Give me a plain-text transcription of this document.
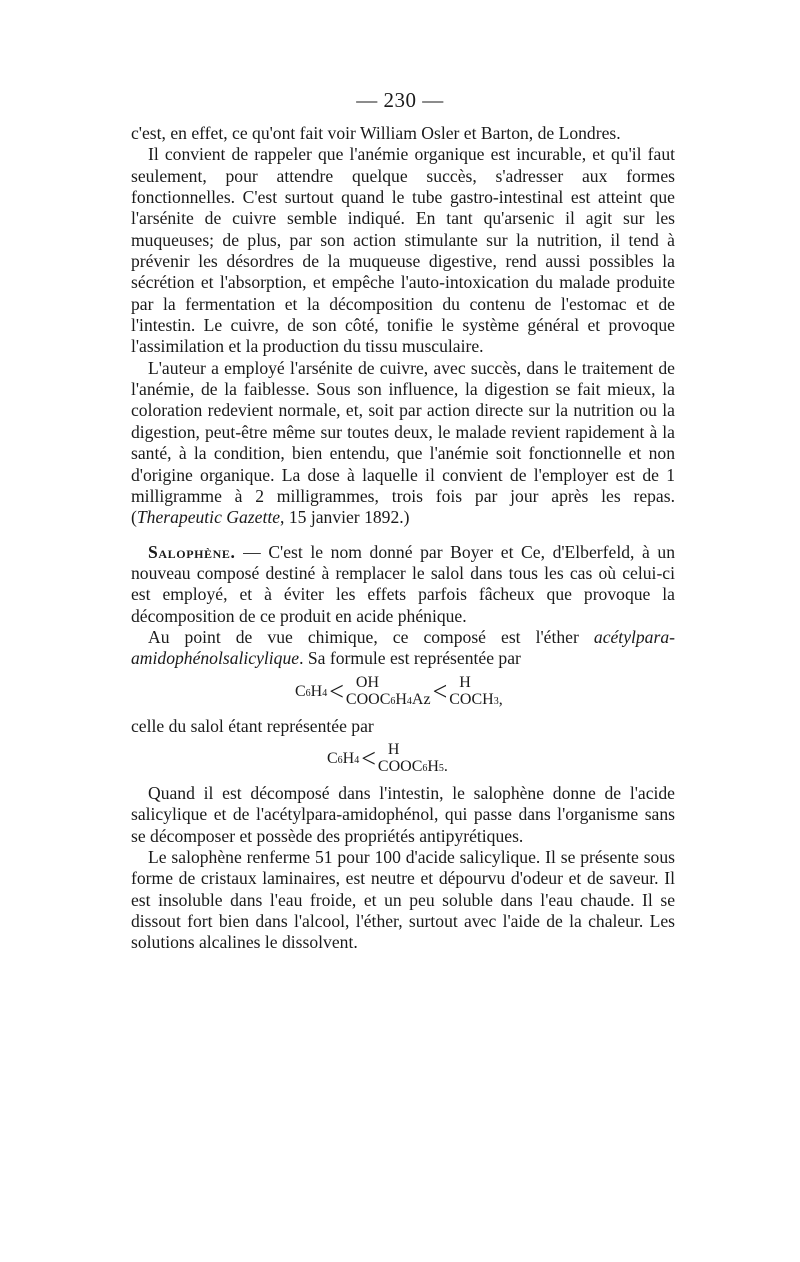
— 230 —

c'est, en effet, ce qu'ont fait voir William Osler et Barton, de Londres.

Il convient de rappeler que l'anémie organique est incurable, et qu'il faut seulement, pour attendre quelque succès, s'adresser aux formes fonctionnelles. C'est surtout quand le tube gastro-intestinal est atteint que l'arsénite de cuivre semble indiqué. En tant qu'arsenic il agit sur les muqueuses; de plus, par son action stimulante sur la nutrition, il tend à prévenir les désordres de la muqueuse digestive, rend aussi possibles la sécrétion et l'absorption, et empêche l'auto-intoxication du malade produite par la fermentation et la décomposition du contenu de l'estomac et de l'intestin. Le cuivre, de son côté, tonifie le système général et provoque l'assimilation et la production du tissu musculaire.

L'auteur a employé l'arsénite de cuivre, avec succès, dans le traitement de l'anémie, de la faiblesse. Sous son influence, la digestion se fait mieux, la coloration redevient normale, et, soit par action directe sur la nutrition ou la digestion, peut-être même sur toutes deux, le malade revient rapidement à la santé, à la condition, bien entendu, que l'anémie soit fonctionnelle et non d'origine organique. La dose à laquelle il convient de l'employer est de 1 milligramme à 2 milligrammes, trois fois par jour après les repas. (Therapeutic Gazette, 15 janvier 1892.)

Salophène. — C'est le nom donné par Boyer et Ce, d'Elberfeld, à un nouveau composé destiné à remplacer le salol dans tous les cas où celui-ci est employé, et à éviter les effets parfois fâcheux que provoque la décomposition de ce produit en acide phénique.

Au point de vue chimique, ce composé est l'éther acétylpara-amidophénolsalicylique. Sa formule est représentée par

C 6 H 4 < OH
COOC 6 H 4 Az < H
COCH 3 ,

celle du salol étant représentée par

C 6 H 4 < H
COOC 6 H 5 .

Quand il est décomposé dans l'intestin, le salophène donne de l'acide salicylique et de l'acétylpara-amidophénol, qui passe dans l'organisme sans se décomposer et possède des propriétés antipyrétiques.

Le salophène renferme 51 pour 100 d'acide salicylique. Il se présente sous forme de cristaux laminaires, est neutre et dépourvu d'odeur et de saveur. Il est insoluble dans l'eau froide, et un peu soluble dans l'eau chaude. Il se dissout fort bien dans l'alcool, l'éther, surtout avec l'aide de la chaleur. Les solutions alcalines le dissolvent.
